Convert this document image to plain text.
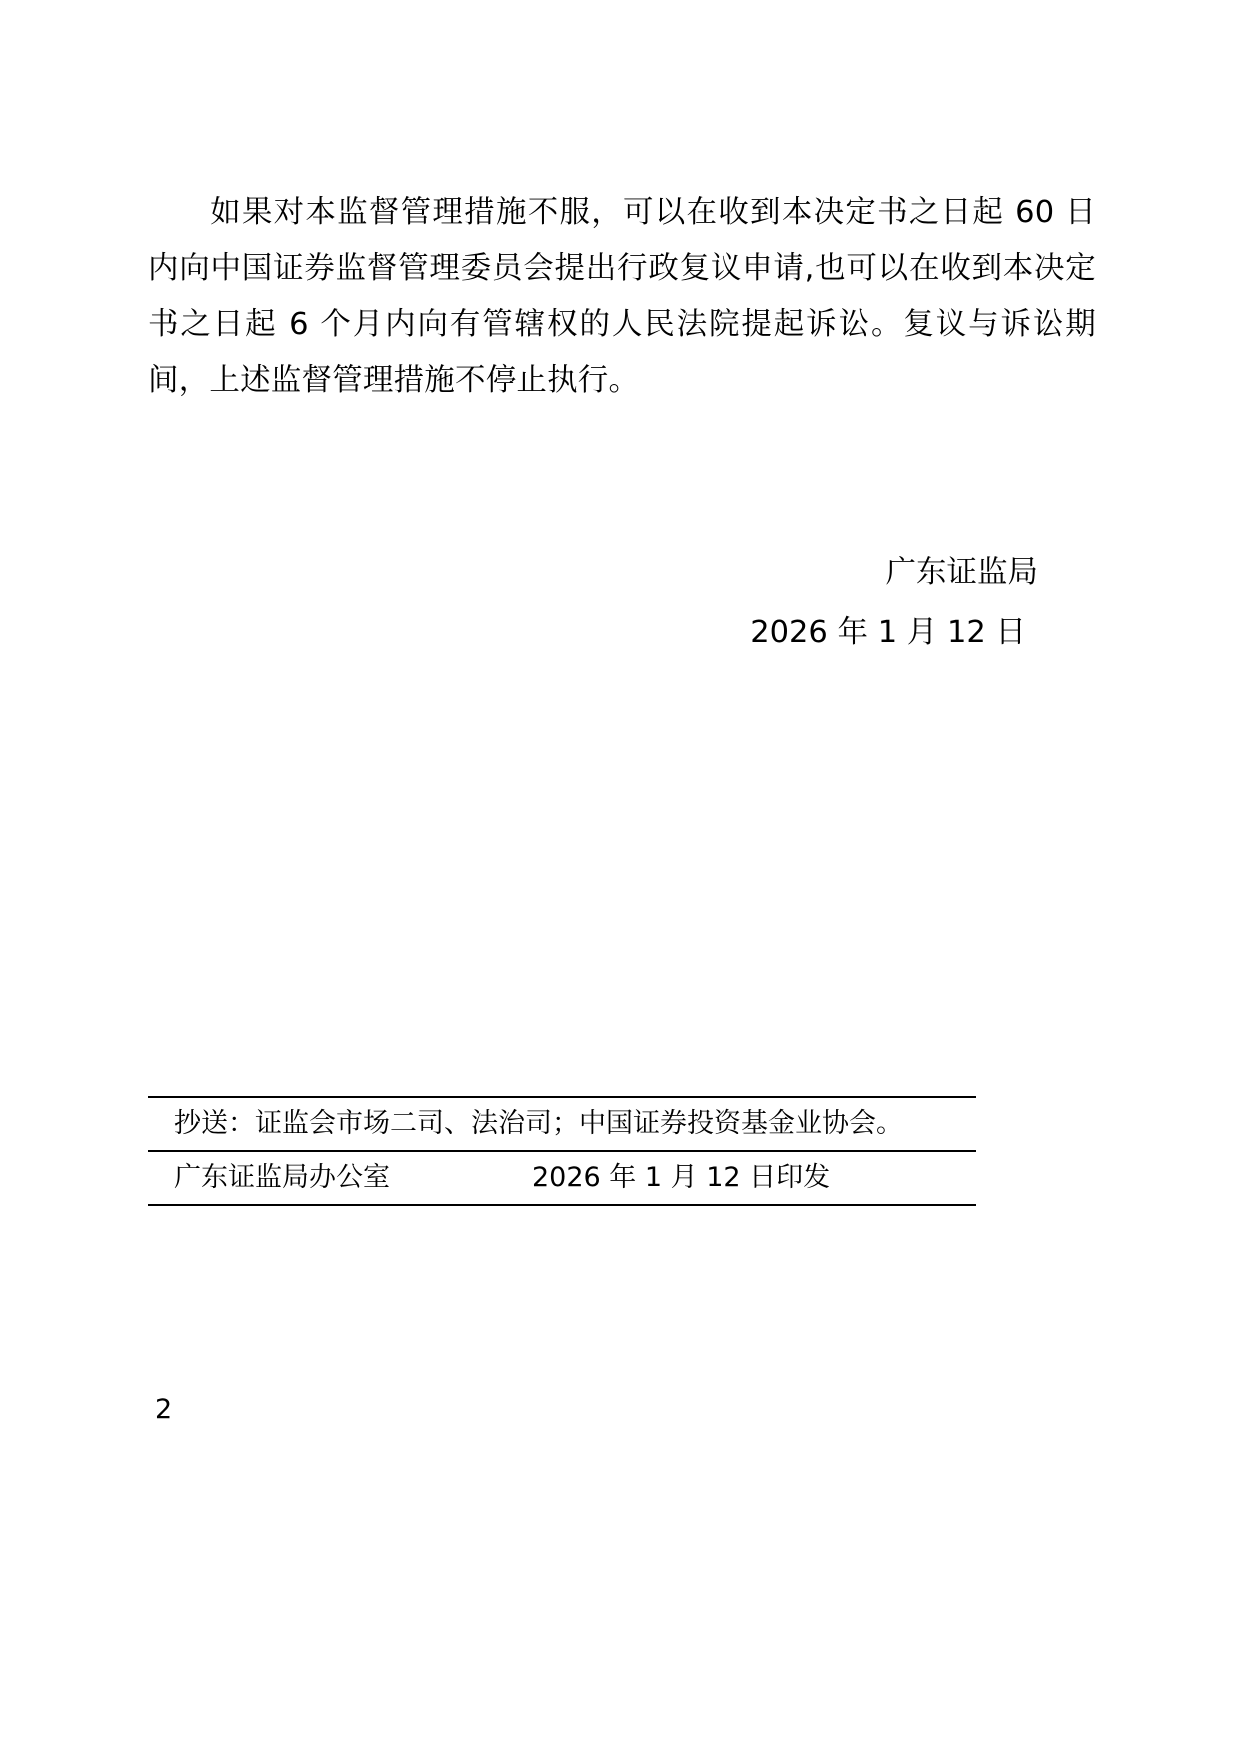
如果对本监督管理措施不服，可以在收到本决定书之日起 60 日内向中国证券监督管理委员会提出行政复议申请,也可以在收到本决定书之日起 6 个月内向有管辖权的人民法院提起诉讼。复议与诉讼期间，上述监督管理措施不停止执行。
广东证监局
2026 年 1 月 12 日
抄送：证监会市场二司、法治司；中国证券投资基金业协会。
广东证监局办公室	2026 年 1 月 12 日印发
2
